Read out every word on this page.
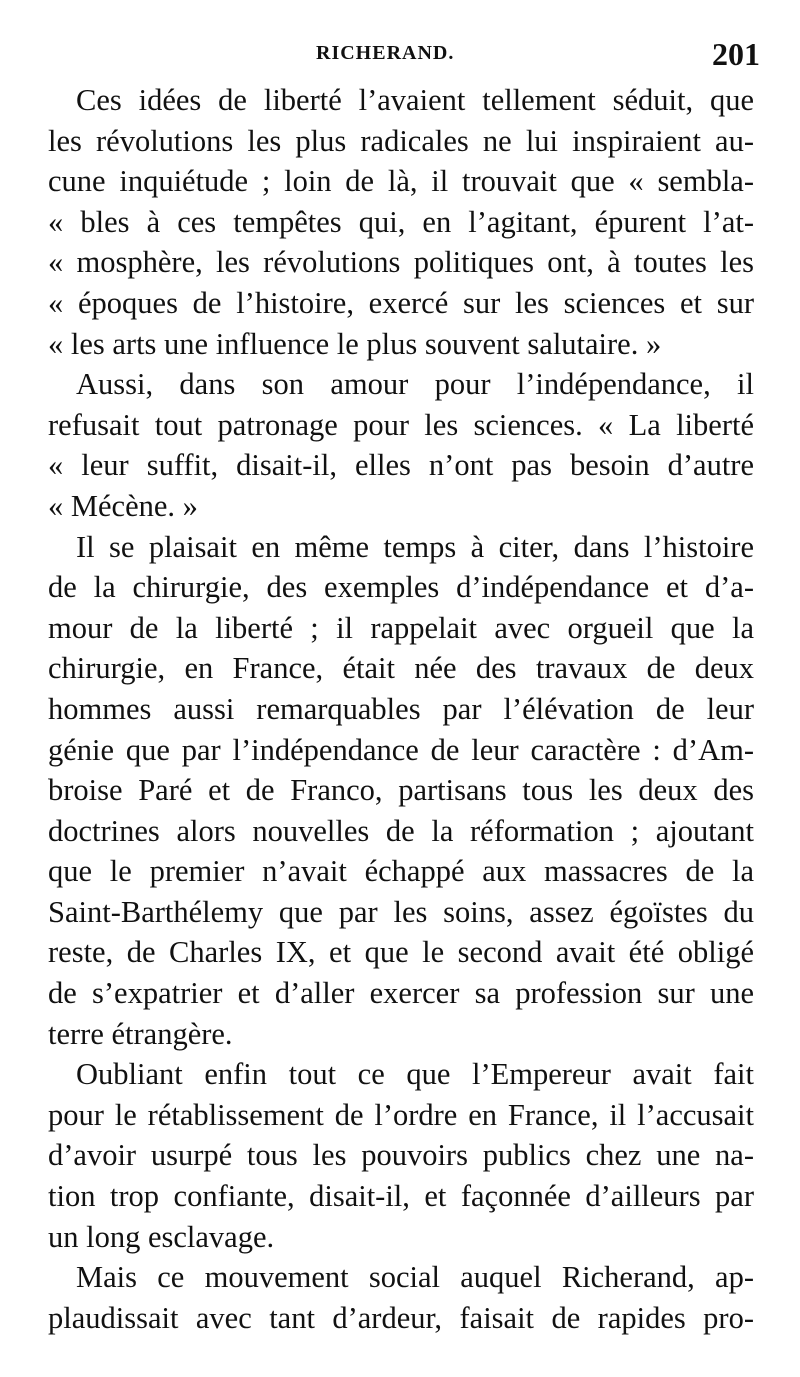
RICHERAND.	201
Ces idées de liberté l’avaient tellement séduit, que
les révolutions les plus radicales ne lui inspiraient au-
cune inquiétude ; loin de là, il trouvait que « sembla-
« bles à ces tempêtes qui, en l’agitant, épurent l’at-
« mosphère, les révolutions politiques ont, à toutes les
« époques de l’histoire, exercé sur les sciences et sur
« les arts une influence le plus souvent salutaire. »
Aussi, dans son amour pour l’indépendance, il
refusait tout patronage pour les sciences. « La liberté
« leur suffit, disait-il, elles n’ont pas besoin d’autre
« Mécène. »
Il se plaisait en même temps à citer, dans l’histoire
de la chirurgie, des exemples d’indépendance et d’a-
mour de la liberté ; il rappelait avec orgueil que la
chirurgie, en France, était née des travaux de deux
hommes aussi remarquables par l’élévation de leur
génie que par l’indépendance de leur caractère : d’Am-
broise Paré et de Franco, partisans tous les deux des
doctrines alors nouvelles de la réformation ; ajoutant
que le premier n’avait échappé aux massacres de la
Saint-Barthélemy que par les soins, assez égoïstes du
reste, de Charles IX, et que le second avait été obligé
de s’expatrier et d’aller exercer sa profession sur une
terre étrangère.
Oubliant enfin tout ce que l’Empereur avait fait
pour le rétablissement de l’ordre en France, il l’accusait
d’avoir usurpé tous les pouvoirs publics chez une na-
tion trop confiante, disait-il, et façonnée d’ailleurs par
un long esclavage.
Mais ce mouvement social auquel Richerand, ap-
plaudissait avec tant d’ardeur, faisait de rapides pro-
